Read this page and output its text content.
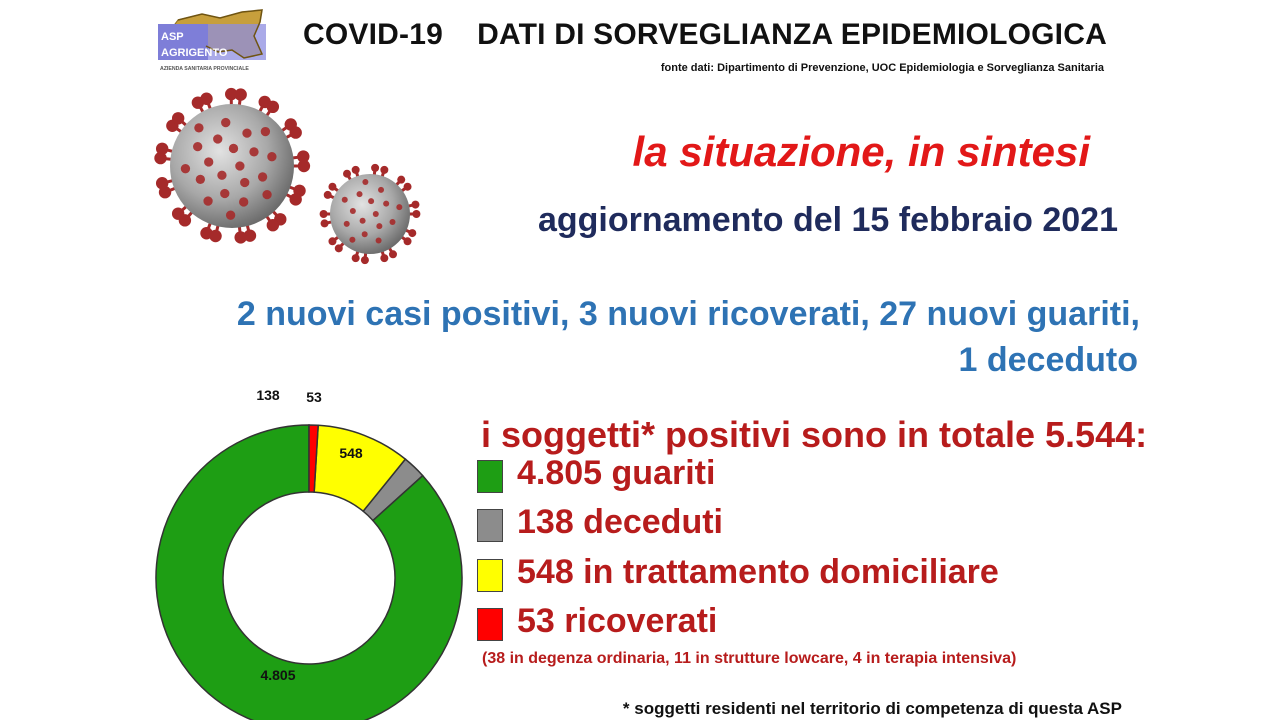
ASP
AGRIGENTO
AZIENDA SANITARIA PROVINCIALE
COVID-19    DATI DI SORVEGLIANZA EPIDEMIOLOGICA
fonte dati: Dipartimento di Prevenzione, UOC Epidemiologia e Sorveglianza Sanitaria
la situazione, in sintesi
aggiornamento del 15 febbraio 2021
2 nuovi casi positivi, 3 nuovi ricoverati, 27 nuovi guariti,
1 deceduto
4.805
138
548
53
i soggetti* positivi sono in totale 5.544:
4.805 guariti
138 deceduti
548 in trattamento domiciliare
53 ricoverati
(38 in degenza ordinaria, 11 in strutture lowcare, 4 in terapia intensiva)
* soggetti residenti nel territorio di competenza di questa ASP
